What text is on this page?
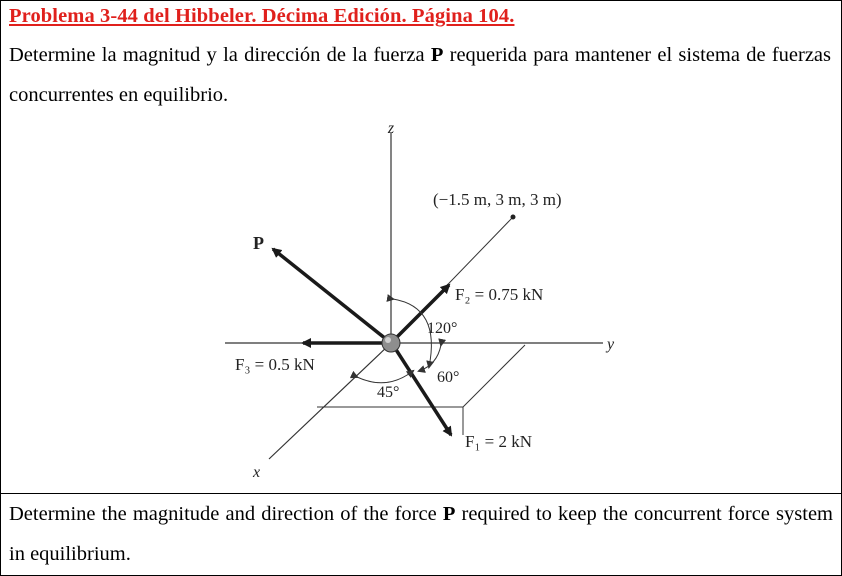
Problema 3-44 del Hibbeler. Décima Edición. Página 104.
Determine la magnitud y la dirección de la fuerza P requerida para mantener el sistema de fuerzas concurrentes en equilibrio.
z
y
x
(−1.5 m, 3 m, 3 m)
P
F₂ = 0.75 kN
F₃ = 0.5 kN
F₁ = 2 kN
120°
60°
45°
Determine the magnitude and direction of the force P required to keep the concurrent force system in equilibrium.
